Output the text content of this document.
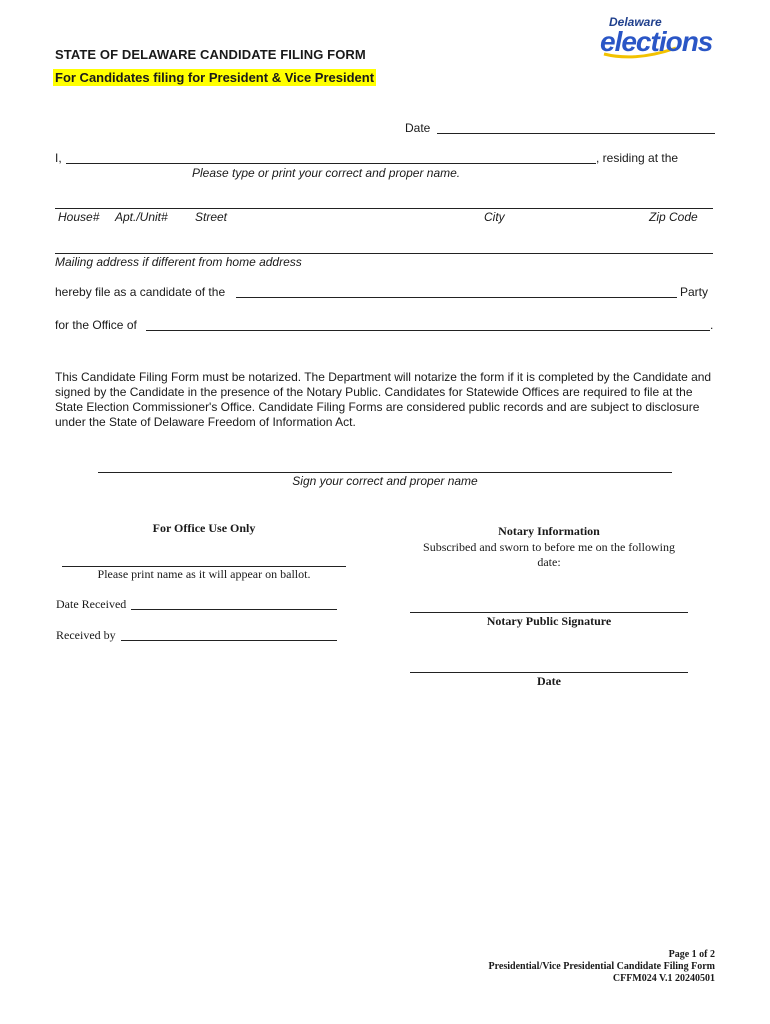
STATE OF DELAWARE CANDIDATE FILING FORM
For Candidates filing for President & Vice President
Delaware
elections
Date
I,	, residing at the
Please type or print your correct and proper name.
House# Apt./Unit# Street	City	Zip Code
Mailing address if different from home address
hereby file as a candidate of the	Party
for the Office of	.
This Candidate Filing Form must be notarized. The Department will notarize the form if it is completed by the Candidate and signed by the Candidate in the presence of the Notary Public. Candidates for Statewide Offices are required to file at the State Election Commissioner's Office. Candidate Filing Forms are considered public records and are subject to disclosure under the State of Delaware Freedom of Information Act.
Sign your correct and proper name
For Office Use Only
Please print name as it will appear on ballot.
Date Received
Received by
Notary Information
Subscribed and sworn to before me on the following date:
Notary Public Signature
Date
Page 1 of 2
Presidential/Vice Presidential Candidate Filing Form
CFFM024 V.1 20240501
